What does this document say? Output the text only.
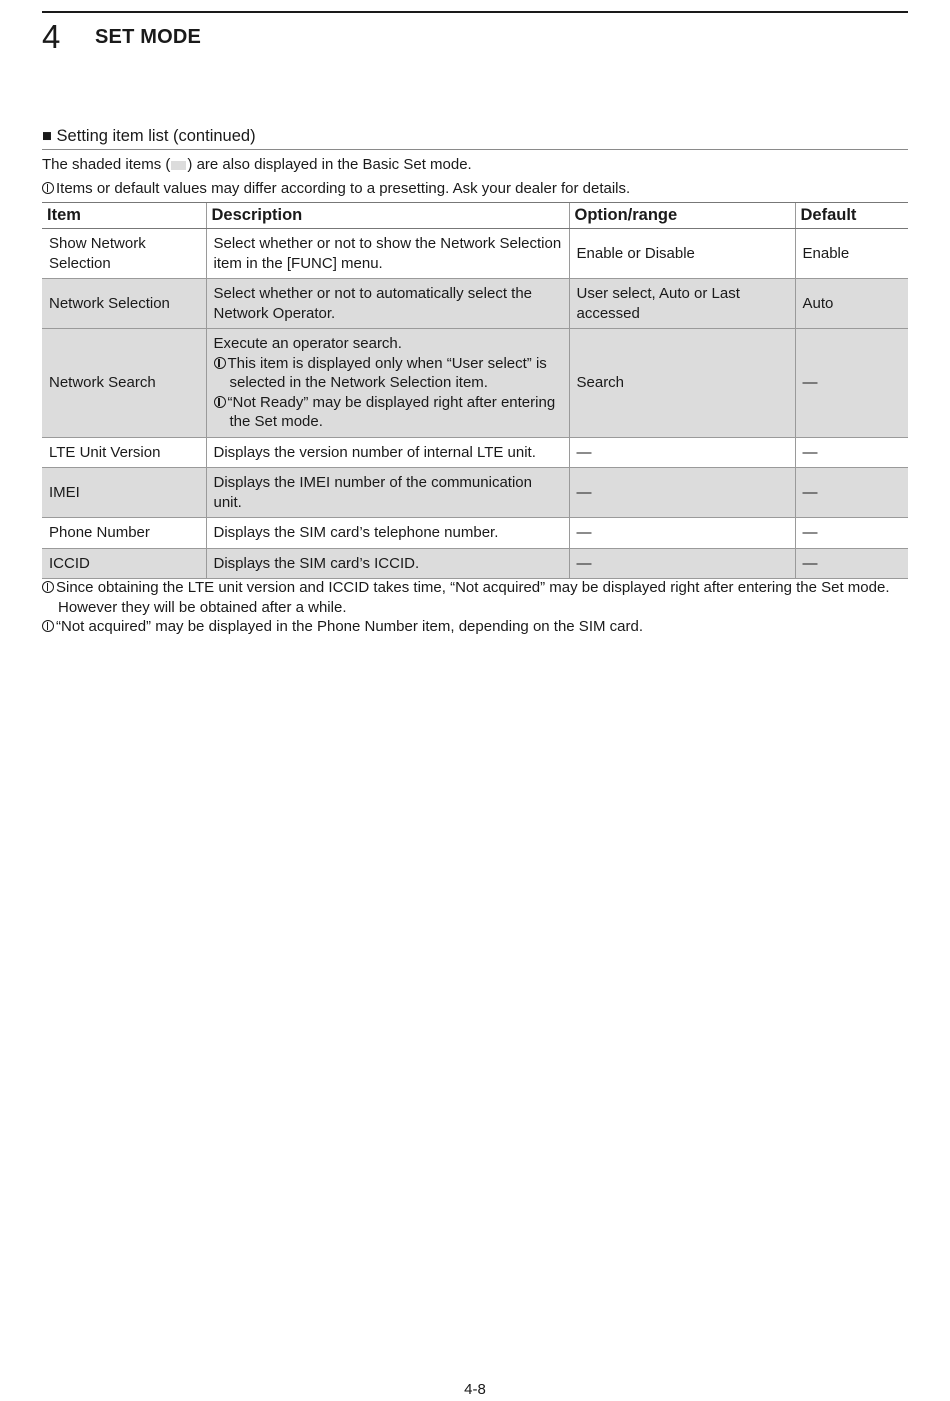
4 SET MODE
■ Setting item list (continued)
The shaded items ( ) are also displayed in the Basic Set mode.
Items or default values may differ according to a presetting. Ask your dealer for details.
Item	Description	Option/range	Default
Show Network Selection	Select whether or not to show the Network Selection item in the [FUNC] menu.	Enable or Disable	Enable
Network Selection	Select whether or not to automatically select the Network Operator.	User select, Auto or Last accessed	Auto
Network Search	Execute an operator search.
This item is displayed only when “User select” is selected in the Network Selection item.
“Not Ready” may be displayed right after entering the Set mode.	Search	—
LTE Unit Version	Displays the version number of internal LTE unit.	—	—
IMEI	Displays the IMEI number of the communication unit.	—	—
Phone Number	Displays the SIM card’s telephone number.	—	—
ICCID	Displays the SIM card’s ICCID.	—	—
Since obtaining the LTE unit version and ICCID takes time, “Not acquired” may be displayed right after entering the Set mode. However they will be obtained after a while.
“Not acquired” may be displayed in the Phone Number item, depending on the SIM card.
4-8
